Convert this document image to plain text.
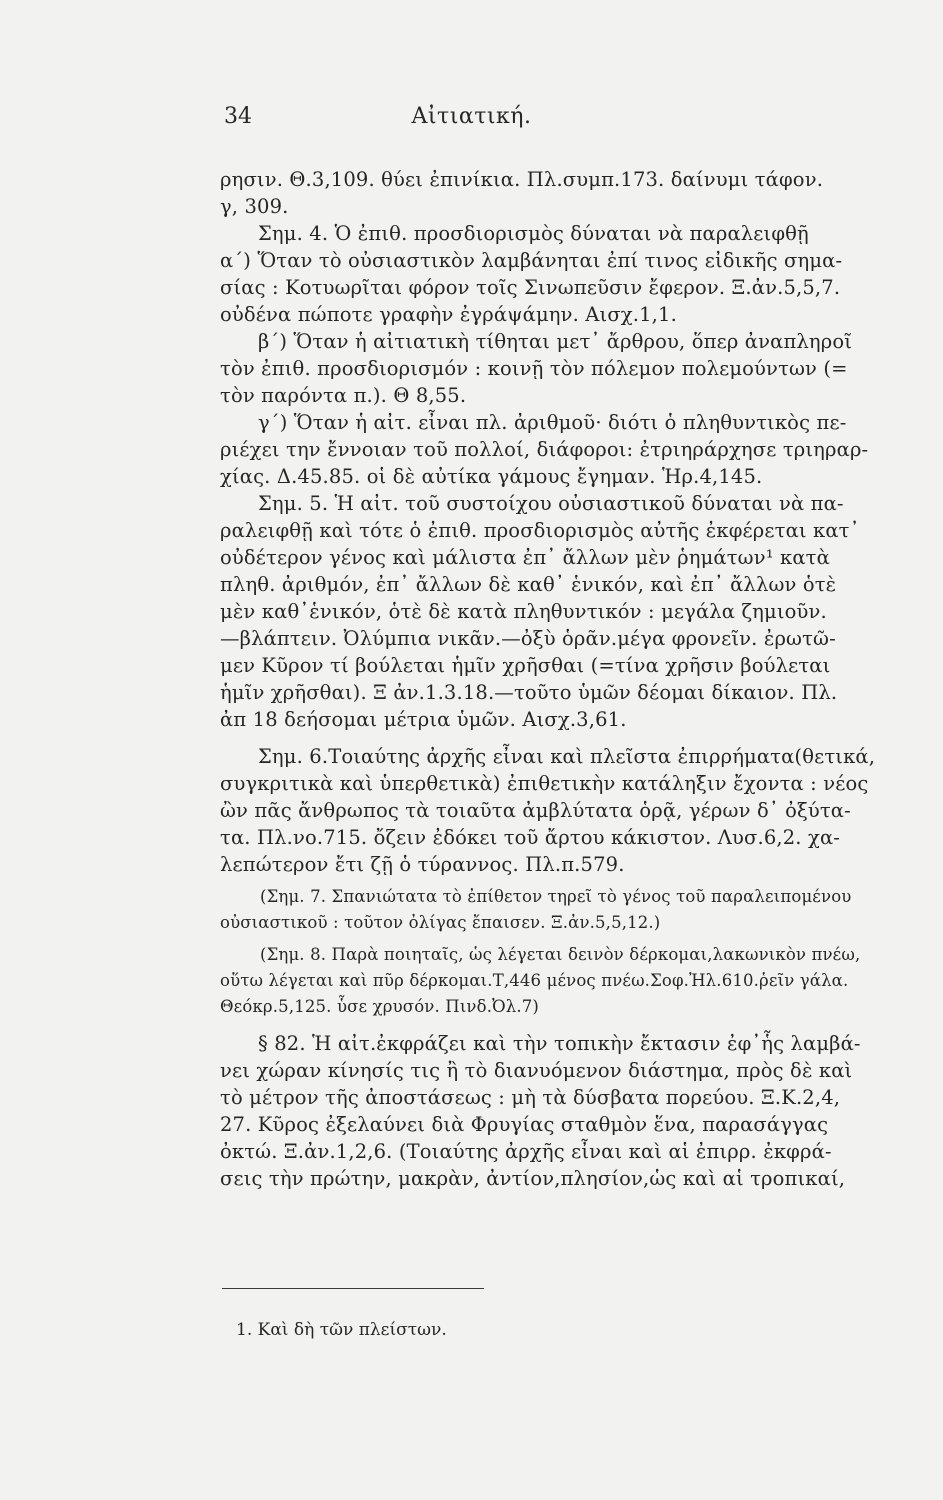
34	Αἰτιατική.
ρησιν. Θ.3,109. θύει ἐπινίκια. Πλ.συμπ.173. δαίνυμι τάφον.
γ, 309.
Σημ. 4. Ὁ ἐπιθ. προσδιορισμὸς δύναται νὰ παραλειφθῇ
α΄) Ὅταν τὸ οὐσιαστικὸν λαμβάνηται ἐπί τινος εἰδικῆς σημα-
σίας : Κοτυωρῖται φόρον τοῖς Σινωπεῦσιν ἔφερον. Ξ.ἀν.5,5,7.
οὐδένα πώποτε γραφὴν ἐγράψάμην. Αισχ.1,1.
β΄) Ὅταν ἡ αἰτιατικὴ τίθηται μετ᾽ ἄρθρου, ὅπερ ἀναπληροῖ
τὸν ἐπιθ. προσδιορισμόν : κοινῇ τὸν πόλεμον πολεμούντων (=
τὸν παρόντα π.). Θ 8,55.
γ΄) Ὅταν ἡ αἰτ. εἶναι πλ. ἀριθμοῦ· διότι ὁ πληθυντικὸς πε-
ριέχει την ἔννοιαν τοῦ πολλοί, διάφοροι: ἐτριηράρχησε τριηραρ-
χίας. Δ.45.85. οἱ δὲ αὐτίκα γάμους ἔγημαν. Ἡρ.4,145.
Σημ. 5. Ἡ αἰτ. τοῦ συστοίχου οὐσιαστικοῦ δύναται νὰ πα-
ραλειφθῇ καὶ τότε ὁ ἐπιθ. προσδιορισμὸς αὐτῆς ἐκφέρεται κατ᾽
οὐδέτερον γένος καὶ μάλιστα ἐπ᾽ ἄλλων μὲν ῥημάτων¹ κατὰ
πληθ. ἀριθμόν, ἐπ᾽ ἄλλων δὲ καθ᾽ ἑνικόν, καὶ ἐπ᾽ ἄλλων ὁτὲ
μὲν καθ᾽ἑνικόν, ὁτὲ δὲ κατὰ πληθυντικόν : μεγάλα ζημιοῦν.
—βλάπτειν. Ὀλύμπια νικᾶν.—ὀξὺ ὁρᾶν.μέγα φρονεῖν. ἐρωτῶ-
μεν Κῦρον τί βούλεται ἡμῖν χρῆσθαι (=τίνα χρῆσιν βούλεται
ἡμῖν χρῆσθαι). Ξ ἀν.1.3.18.—τοῦτο ὑμῶν δέομαι δίκαιον. Πλ.
ἀπ 18 δεήσομαι μέτρια ὑμῶν. Αισχ.3,61.
Σημ. 6.Τοιαύτης ἀρχῆς εἶναι καὶ πλεῖστα ἐπιρρήματα(θετικά,
συγκριτικὰ καὶ ὑπερθετικὰ) ἐπιθετικὴν κατάληξιν ἔχοντα : νέος
ὢν πᾶς ἄνθρωπος τὰ τοιαῦτα ἀμβλύτατα ὁρᾷ, γέρων δ᾽ ὀξύτα-
τα. Πλ.νο.715. ὄζειν ἐδόκει τοῦ ἄρτου κάκιστον. Λυσ.6,2. χα-
λεπώτερον ἔτι ζῇ ὁ τύραννος. Πλ.π.579.
(Σημ. 7. Σπανιώτατα τὸ ἐπίθετον τηρεῖ τὸ γένος τοῦ παραλειπομένου
οὐσιαστικοῦ : τοῦτον ὀλίγας ἔπαισεν. Ξ.ἀν.5,5,12.)
(Σημ. 8. Παρὰ ποιηταῖς, ὡς λέγεται δεινὸν δέρκομαι,λακωνικὸν πνέω,
οὕτω λέγεται καὶ πῦρ δέρκομαι.Τ,446 μένος πνέω.Σοφ.Ἠλ.610.ῥεῖν γάλα.
Θεόκρ.5,125. ὗσε χρυσόν. Πινδ.Ὀλ.7)
§ 82. Ἡ αἰτ.ἐκφράζει καὶ τὴν τοπικὴν ἔκτασιν ἐφ᾽ἧς λαμβά-
νει χώραν κίνησίς τις ἢ τὸ διανυόμενον διάστημα, πρὸς δὲ καὶ
τὸ μέτρον τῆς ἀποστάσεως : μὴ τὰ δύσβατα πορεύου. Ξ.Κ.2,4,
27. Κῦρος ἐξελαύνει διὰ Φρυγίας σταθμὸν ἕνα, παρασάγγας
ὀκτώ. Ξ.ἀν.1,2,6. (Τοιαύτης ἀρχῆς εἶναι καὶ αἱ ἐπιρρ. ἐκφρά-
σεις τὴν πρώτην, μακρὰν, ἀντίον,πλησίον,ὡς καὶ αἱ τροπικαί,
1. Καὶ δὴ τῶν πλείστων.
